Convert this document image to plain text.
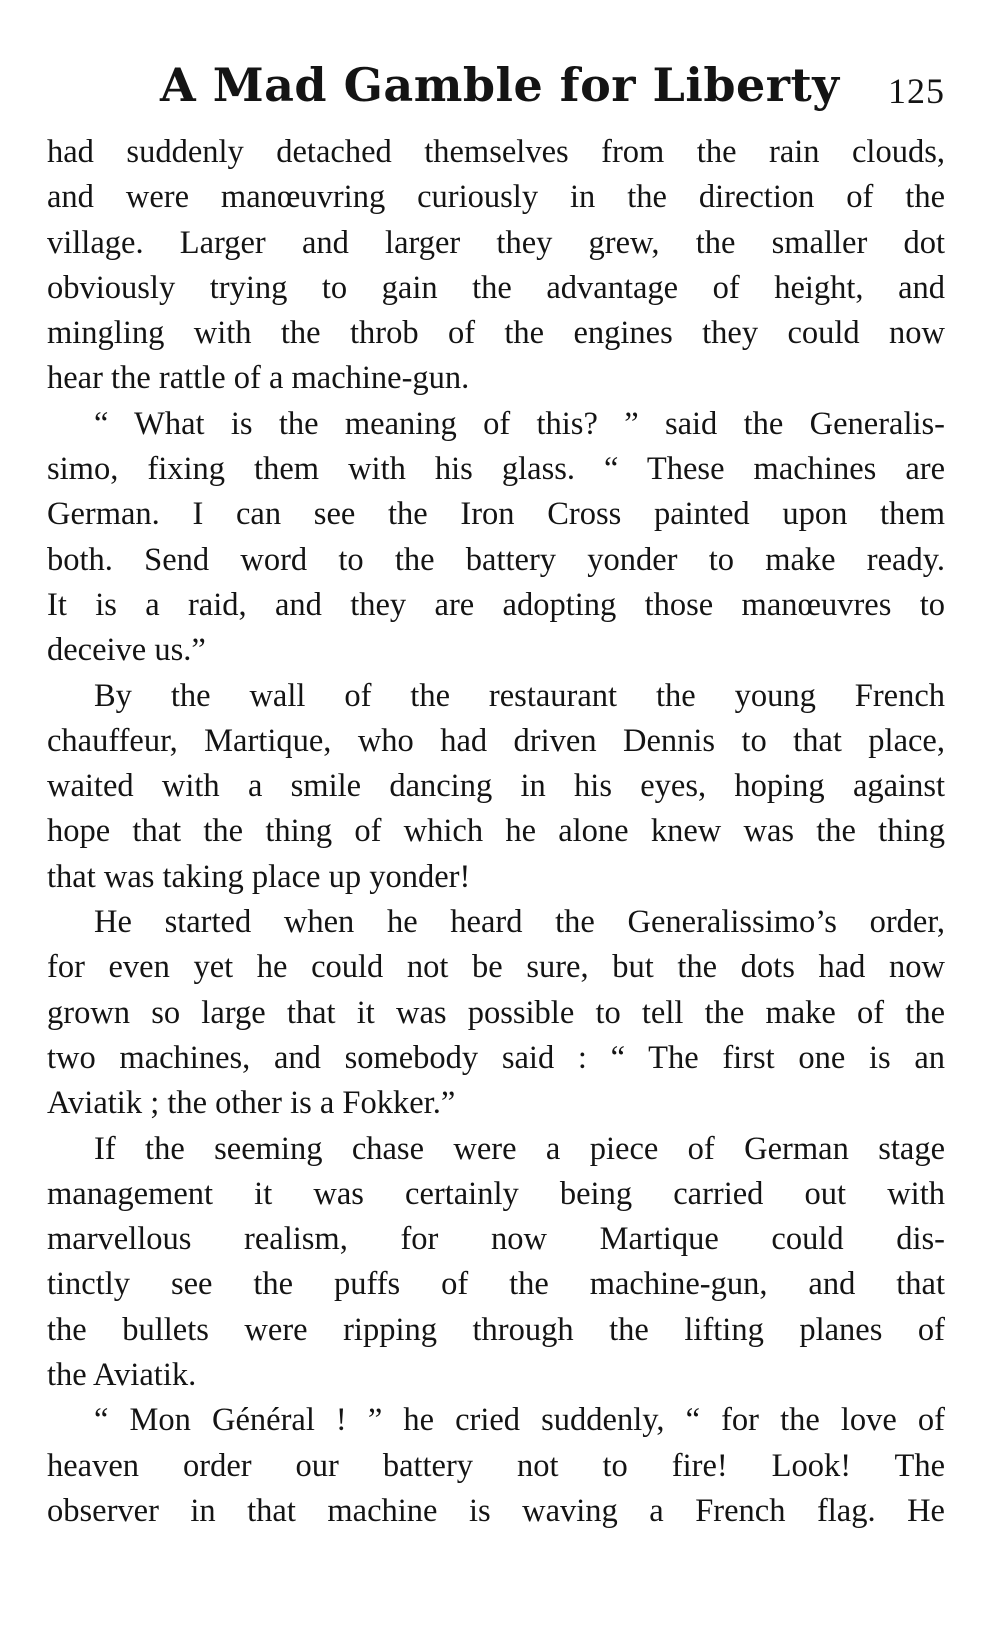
A Mad Gamble for Liberty 125

had suddenly detached themselves from the rain clouds,

and were manœuvring curiously in the direction of the

village. Larger and larger they grew, the smaller dot

obviously trying to gain the advantage of height, and

mingling with the throb of the engines they could now

hear the rattle of a machine-gun.

“ What is the meaning of this? ” said the Generalis-

simo, fixing them with his glass. “ These machines are

German. I can see the Iron Cross painted upon them

both. Send word to the battery yonder to make ready.

It is a raid, and they are adopting those manœuvres to

deceive us.”

By the wall of the restaurant the young French

chauffeur, Martique, who had driven Dennis to that place,

waited with a smile dancing in his eyes, hoping against

hope that the thing of which he alone knew was the thing

that was taking place up yonder!

He started when he heard the Generalissimo’s order,

for even yet he could not be sure, but the dots had now

grown so large that it was possible to tell the make of the

two machines, and somebody said : “ The first one is an

Aviatik ; the other is a Fokker.”

If the seeming chase were a piece of German stage

management it was certainly being carried out with

marvellous realism, for now Martique could dis-

tinctly see the puffs of the machine-gun, and that

the bullets were ripping through the lifting planes of

the Aviatik.

“ Mon Général ! ” he cried suddenly, “ for the love of

heaven order our battery not to fire! Look! The

observer in that machine is waving a French flag. He
